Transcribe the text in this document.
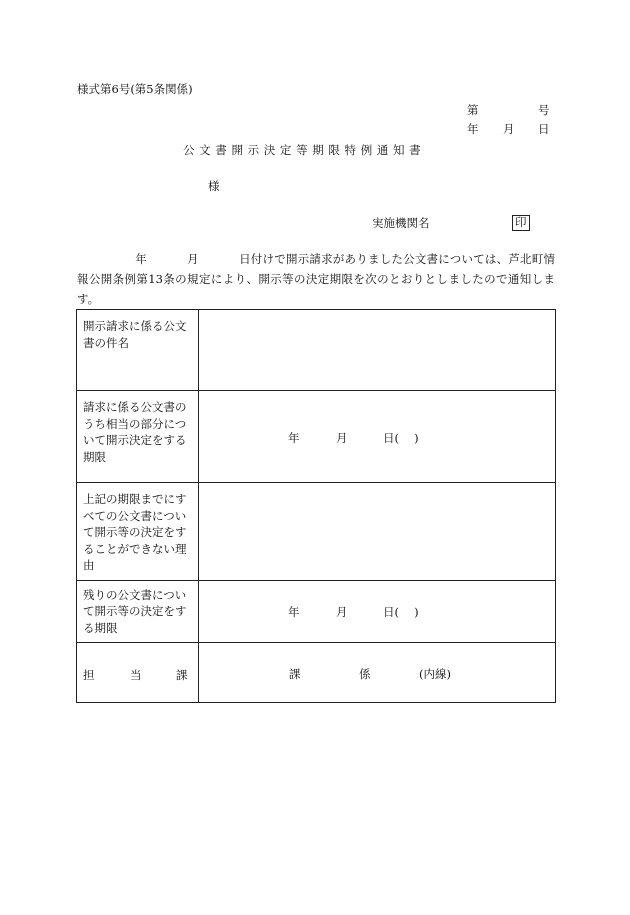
様式第6号(第5条関係)
第	号
年 月 日
公 文 書 開 示 決 定 等 期 限 特 例 通 知 書
様
実施機関名	印
年	月	日付けで開示請求がありました公文書については、芦北町情報公開条例第13条の規定により、開示等の決定期限を次のとおりとしましたので通知します。
開示請求に係る公文書の件名	
請求に係る公文書のうち相当の部分について開示決定をする期限	年 月 日(　 )

上記の期限までにすべての公文書について開示等の決定をすることができない理由	
残りの公文書について開示等の決定をする期限	年 月 日(　 )

担 当 課	課 係 (内線)
